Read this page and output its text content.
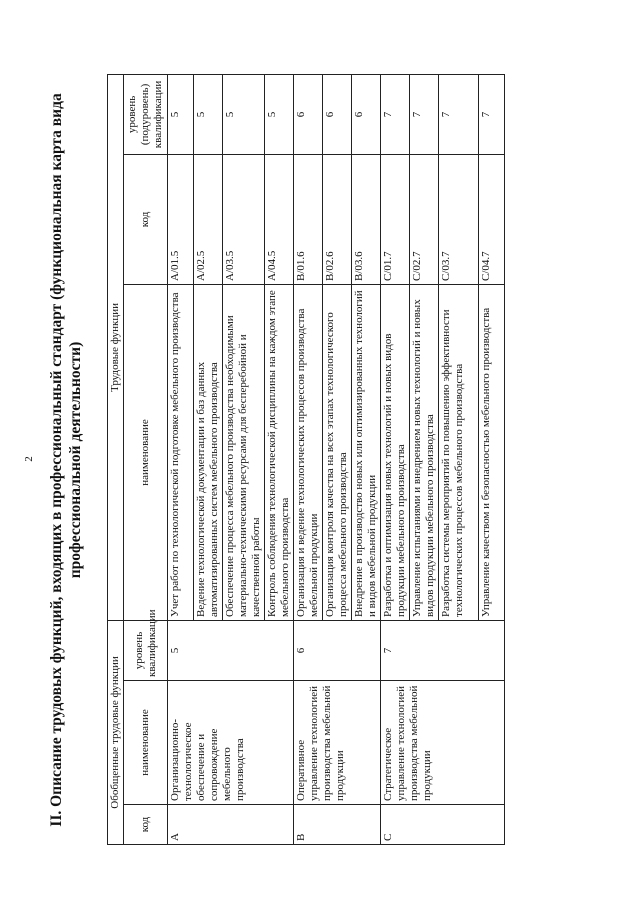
2 II. Описание трудовых функций, входящих в профессиональный стандарт (функциональная карта вида профессиональной деятельности)
Обобщенные трудовые функции			Трудовые функции		
код	наименование	уровень квалификации	наименование	код	уровень (подуровень) квалификации
A	Организационно-технологическое обеспечение и сопровождение мебельного производства	5	Учет работ по технологической подготовке мебельного производства	A/01.5	5
			Ведение технологической документации и баз данных автоматизированных систем мебельного производства	A/02.5	5
			Обеспечение процесса мебельного производства необходимыми материально-техническими ресурсами для бесперебойной и качественной работы	A/03.5	5
			Контроль соблюдения технологической дисциплины на каждом этапе мебельного производства	A/04.5	5
B	Оперативное управление технологией производства мебельной продукции	6	Организация и ведение технологических процессов производства мебельной продукции	B/01.6	6
			Организация контроля качества на всех этапах технологического процесса мебельного производства	B/02.6	6
			Внедрение в производство новых или оптимизированных технологий и видов мебельной продукции	B/03.6	6
C	Стратегическое управление технологией производства мебельной продукции	7	Разработка и оптимизация новых технологий и новых видов продукции мебельного производства	C/01.7	7
			Управление испытаниями и внедрением новых технологий и новых видов продукции мебельного производства	C/02.7	7
			Разработка системы мероприятий по повышению эффективности технологических процессов мебельного производства	C/03.7	7
			Управление качеством и безопасностью мебельного производства	C/04.7	7
